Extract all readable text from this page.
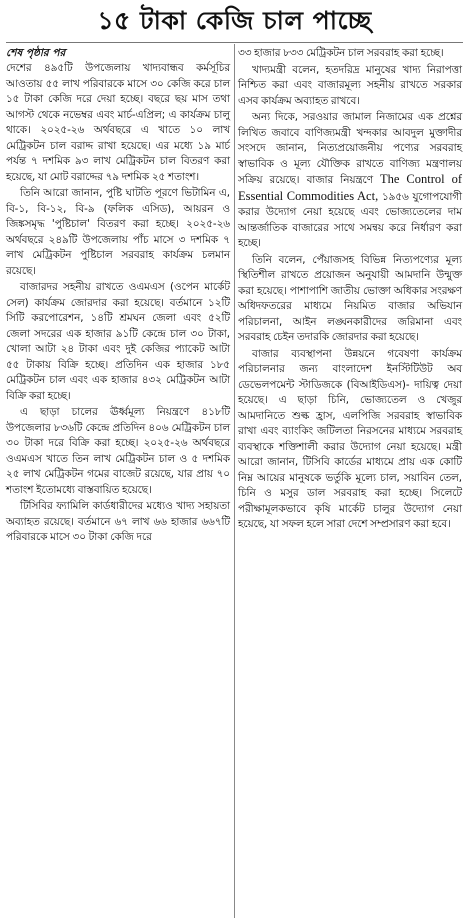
১৫ টাকা কেজি চাল পাচ্ছে
শেষ পৃষ্ঠার পর

দেশের ৪৯৫টি উপজেলায় খাদ্যবান্ধব কর্মসূচির আওতায় ৫৫ লাখ পরিবারকে মাসে ৩০ কেজি করে চাল ১৫ টাকা কেজি দরে দেয়া হচ্ছে। বছরে ছয় মাস তথা আগস্ট থেকে নভেম্বর এবং মার্চ-এপ্রিল; এ কার্যক্রম চালু থাকে। ২০২৫-২৬ অর্থবছরে এ খাতে ১০ লাখ মেট্রিকটন চাল বরাদ্দ রাখা হয়েছে। এর মধ্যে ১৯ মার্চ পর্যন্ত ৭ দশমিক ৯৩ লাখ মেট্রিকটন চাল বিতরণ করা হয়েছে, যা মোট বরাদ্দের ৭৯ দশমিক ২৫ শতাংশ।

তিনি আরো জানান, পুষ্টি ঘাটতি পূরণে ভিটামিন এ, বি-১, বি-১২, বি-৯ (ফলিক এসিড), আয়রন ও জিঙ্কসমৃদ্ধ 'পুষ্টিচাল' বিতরণ করা হচ্ছে। ২০২৫-২৬ অর্থবছরে ২৪৯টি উপজেলায় পাঁচ মাসে ৩ দশমিক ৭ লাখ মেট্রিকটন পুষ্টিচাল সরবরাহ কার্যক্রম চলমান রয়েছে।

বাজারদর সহনীয় রাখতে ওএমএস (ওপেন মার্কেট সেল) কার্যক্রম জোরদার করা হয়েছে। বর্তমানে ১২টি সিটি করপোরেশন, ১৪টি শ্রমঘন জেলা এবং ৫২টি জেলা সদরের এক হাজার ৯১টি কেন্দ্রে চাল ৩০ টাকা, খোলা আটা ২৪ টাকা এবং দুই কেজির প্যাকেট আটা ৫৫ টাকায় বিক্রি হচ্ছে। প্রতিদিন এক হাজার ১৮৫ মেট্রিকটন চাল এবং এক হাজার ৪৩২ মেট্রিকটন আটা বিক্রি করা হচ্ছে।

এ ছাড়া চালের ঊর্ধ্বমূল্য নিয়ন্ত্রণে ৪১৮টি উপজেলার ৮৩৬টি কেন্দ্রে প্রতিদিন ৪০৬ মেট্রিকটন চাল ৩০ টাকা দরে বিক্রি করা হচ্ছে। ২০২৫-২৬ অর্থবছরে ওএমএস খাতে তিন লাখ মেট্রিকটন চাল ও ৫ দশমিক ২৫ লাখ মেট্রিকটন গমের বাজেট রয়েছে, যার প্রায় ৭০ শতাংশ ইতোমধ্যে বাস্তবায়িত হয়েছে।

টিসিবির ফ্যামিলি কার্ডধারীদের মধ্যেও খাদ্য সহায়তা অব্যাহত রয়েছে। বর্তমানে ৬৭ লাখ ৬৬ হাজার ৬৬৭টি পরিবারকে মাসে ৩০ টাকা কেজি দরে

৩৩ হাজার ৮৩৩ মেট্রিকটন চাল সরবরাহ করা হচ্ছে।

খাদ্যমন্ত্রী বলেন, হতদরিদ্র মানুষের খাদ্য নিরাপত্তা নিশ্চিত করা এবং বাজারমূল্য সহনীয় রাখতে সরকার এসব কার্যক্রম অব্যাহত রাখবে।

অন্য দিকে, সরওয়ার জামাল নিজামের এক প্রশ্নের লিখিত জবাবে বাণিজ্যমন্ত্রী খন্দকার আবদুল মুক্তাদীর সংসদে জানান, নিত্যপ্রয়োজনীয় পণ্যের সরবরাহ স্বাভাবিক ও মূল্য যৌক্তিক রাখতে বাণিজ্য মন্ত্রণালয় সক্রিয় রয়েছে। বাজার নিয়ন্ত্রণে The Control of Essential Commodities Act, ১৯৫৬ যুগোপযোগী করার উদ্যোগ নেয়া হয়েছে এবং ভোজ্যতেলের দাম আন্তর্জাতিক বাজারের সাথে সমন্বয় করে নির্ধারণ করা হচ্ছে।

তিনি বলেন, পেঁয়াজসহ বিভিন্ন নিত্যপণ্যের মূল্য স্থিতিশীল রাখতে প্রয়োজন অনুযায়ী আমদানি উন্মুক্ত করা হয়েছে। পাশাপাশি জাতীয় ভোক্তা অধিকার সংরক্ষণ অধিদফতরের মাধ্যমে নিয়মিত বাজার অভিযান পরিচালনা, আইন লঙ্ঘনকারীদের জরিমানা এবং সরবরাহ চেইন তদারকি জোরদার করা হয়েছে।

বাজার ব্যবস্থাপনা উন্নয়নে গবেষণা কার্যক্রম পরিচালনার জন্য বাংলাদেশ ইনস্টিটিউট অব ডেভেলপমেন্ট স্টাডিজকে (বিআইডিএস)- দায়িত্ব দেয়া হয়েছে। এ ছাড়া চিনি, ভোজ্যতেল ও খেজুর আমদানিতে শুল্ক হ্রাস, এলপিজি সরবরাহ স্বাভাবিক রাখা এবং ব্যাংকিং জটিলতা নিরসনের মাধ্যমে সরবরাহ ব্যবস্থাকে শক্তিশালী করার উদ্যোগ নেয়া হয়েছে। মন্ত্রী আরো জানান, টিসিবি কার্ডের মাধ্যমে প্রায় এক কোটি নিম্ন আয়ের মানুষকে ভর্তুকি মূল্যে চাল, সয়াবিন তেল, চিনি ও মসুর ডাল সরবরাহ করা হচ্ছে। সিলেটে পরীক্ষামূলকভাবে কৃষি মার্কেট চালুর উদ্যোগ নেয়া হয়েছে, যা সফল হলে সারা দেশে সম্প্রসারণ করা হবে।
